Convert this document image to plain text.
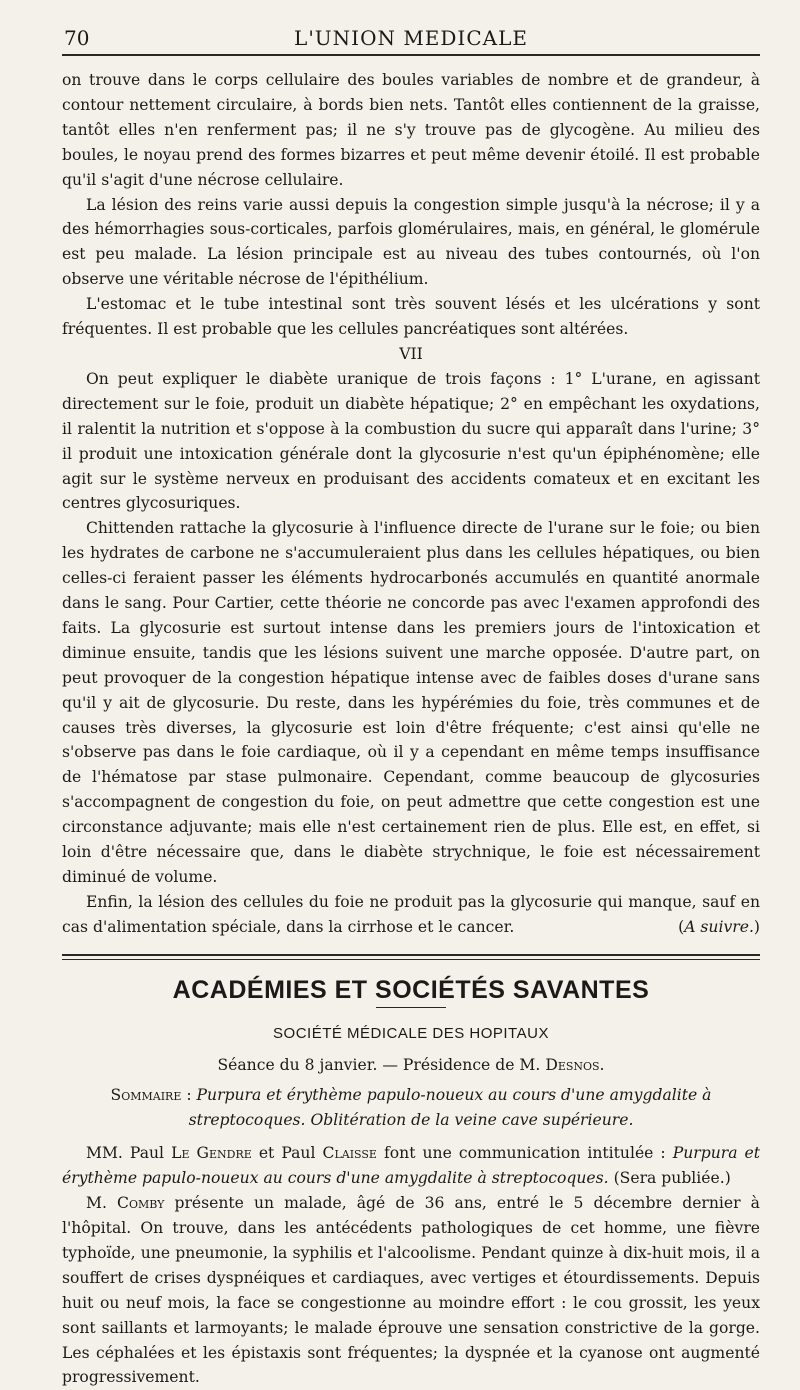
70	L'UNION MEDICALE

on trouve dans le corps cellulaire des boules variables de nombre et de grandeur, à contour nettement circulaire, à bords bien nets. Tantôt elles contiennent de la graisse, tantôt elles n'en renferment pas; il ne s'y trouve pas de glycogène. Au milieu des boules, le noyau prend des formes bizarres et peut même devenir étoilé. Il est probable qu'il s'agit d'une nécrose cellulaire.

La lésion des reins varie aussi depuis la congestion simple jusqu'à la nécrose; il y a des hémorrhagies sous-corticales, parfois glomérulaires, mais, en général, le glomérule est peu malade. La lésion principale est au niveau des tubes contournés, où l'on observe une véritable nécrose de l'épithélium.

L'estomac et le tube intestinal sont très souvent lésés et les ulcérations y sont fréquentes. Il est probable que les cellules pancréatiques sont altérées.

VII

On peut expliquer le diabète uranique de trois façons : 1° L'urane, en agissant directement sur le foie, produit un diabète hépatique; 2° en empêchant les oxydations, il ralentit la nutrition et s'oppose à la combustion du sucre qui apparaît dans l'urine; 3° il produit une intoxication générale dont la glycosurie n'est qu'un épiphénomène; elle agit sur le système nerveux en produisant des accidents comateux et en excitant les centres glycosuriques.

Chittenden rattache la glycosurie à l'influence directe de l'urane sur le foie; ou bien les hydrates de carbone ne s'accumuleraient plus dans les cellules hépatiques, ou bien celles-ci feraient passer les éléments hydrocarbonés accumulés en quantité anormale dans le sang. Pour Cartier, cette théorie ne concorde pas avec l'examen approfondi des faits. La glycosurie est surtout intense dans les premiers jours de l'intoxication et diminue ensuite, tandis que les lésions suivent une marche opposée. D'autre part, on peut provoquer de la congestion hépatique intense avec de faibles doses d'urane sans qu'il y ait de glycosurie. Du reste, dans les hypérémies du foie, très communes et de causes très diverses, la glycosurie est loin d'être fréquente; c'est ainsi qu'elle ne s'observe pas dans le foie cardiaque, où il y a cependant en même temps insuffisance de l'hématose par stase pulmonaire. Cependant, comme beaucoup de glycosuries s'accompagnent de congestion du foie, on peut admettre que cette congestion est une circonstance adjuvante; mais elle n'est certainement rien de plus. Elle est, en effet, si loin d'être nécessaire que, dans le diabète strychnique, le foie est nécessairement diminué de volume.

Enfin, la lésion des cellules du foie ne produit pas la glycosurie qui manque, sauf en cas d'alimentation spéciale, dans la cirrhose et le cancer.	(A suivre.)

ACADÉMIES ET SOCIÉTÉS SAVANTES
SOCIÉTÉ MÉDICALE DES HOPITAUX
Séance du 8 janvier. — Présidence de M. Desnos.
Sommaire : Purpura et érythème papulo-noueux au cours d'une amygdalite à streptocoques. Oblitération de la veine cave supérieure.

MM. Paul Le Gendre et Paul Claisse font une communication intitulée : Purpura et érythème papulo-noueux au cours d'une amygdalite à streptocoques. (Sera publiée.)

M. Comby présente un malade, âgé de 36 ans, entré le 5 décembre dernier à l'hôpital. On trouve, dans les antécédents pathologiques de cet homme, une fièvre typhoïde, une pneumonie, la syphilis et l'alcoolisme. Pendant quinze à dix-huit mois, il a souffert de crises dyspnéiques et cardiaques, avec vertiges et étourdissements. Depuis huit ou neuf mois, la face se congestionne au moindre effort : le cou grossit, les yeux sont saillants et larmoyants; le malade éprouve une sensation constrictive de la gorge. Les céphalées et les épistaxis sont fréquentes; la dyspnée et la cyanose ont augmenté progressivement.
